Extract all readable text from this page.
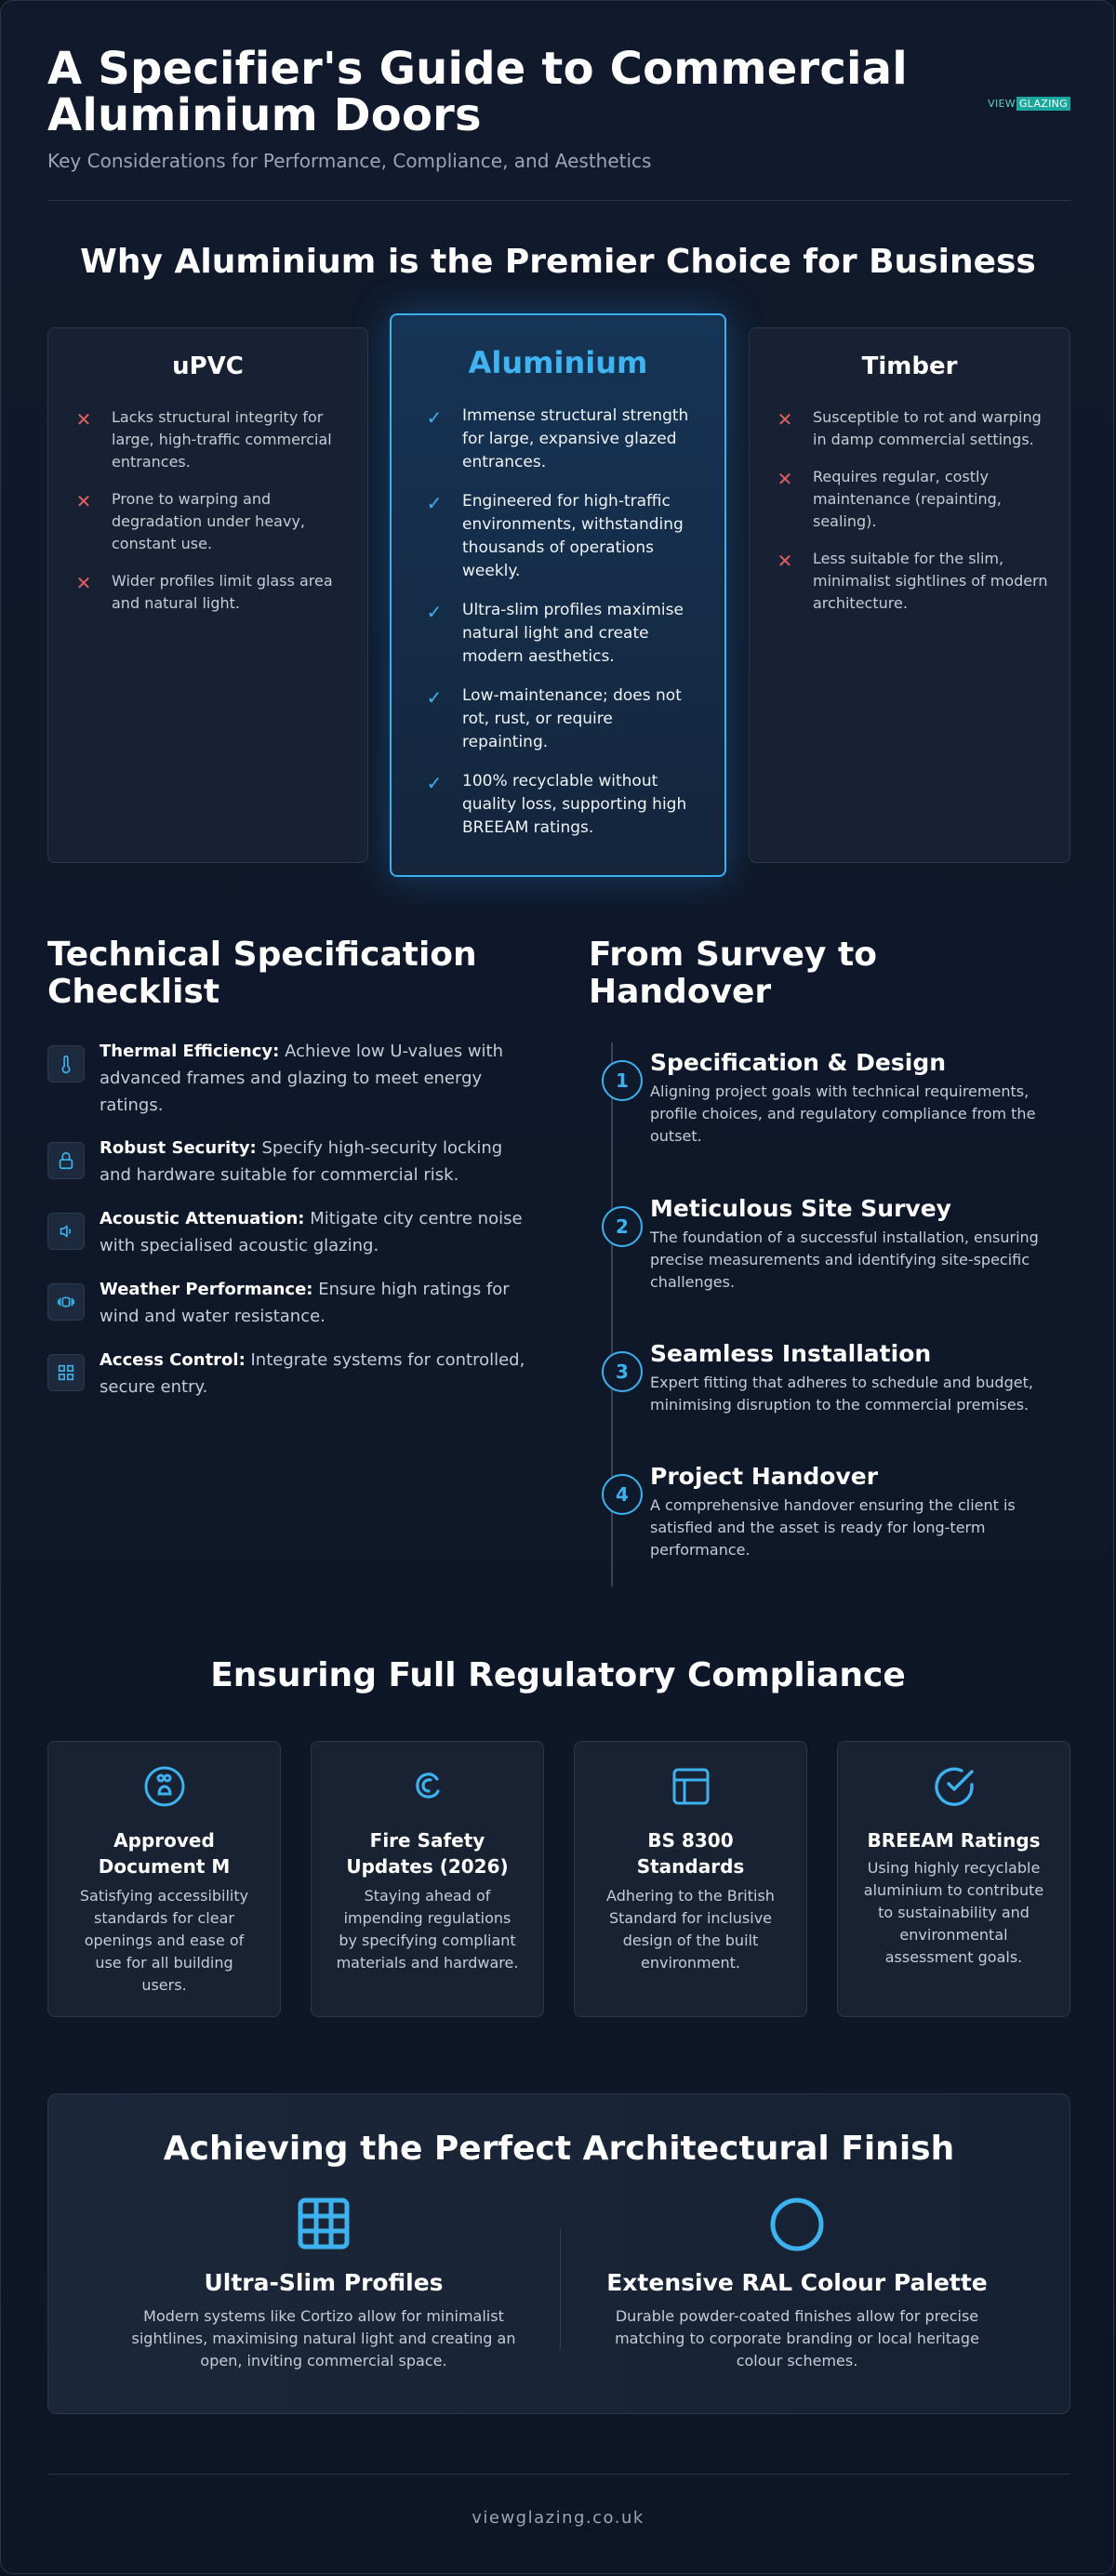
A Specifier's Guide to Commercial Aluminium Doors
Key Considerations for Performance, Compliance, and Aesthetics
VIEW GLAZING
Why Aluminium is the Premier Choice for Business
uPVC
✕ Lacks structural integrity for large, high-traffic commercial entrances.
✕ Prone to warping and degradation under heavy, constant use.
✕ Wider profiles limit glass area and natural light.
Aluminium
✓ Immense structural strength for large, expansive glazed entrances.
✓ Engineered for high-traffic environments, withstanding thousands of operations weekly.
✓ Ultra-slim profiles maximise natural light and create modern aesthetics.
✓ Low-maintenance; does not rot, rust, or require repainting.
✓ 100% recyclable without quality loss, supporting high BREEAM ratings.
Timber
✕ Susceptible to rot and warping in damp commercial settings.
✕ Requires regular, costly maintenance (repainting, sealing).
✕ Less suitable for the slim, minimalist sightlines of modern architecture.
Technical Specification Checklist
Thermal Efficiency: Achieve low U-values with advanced frames and glazing to meet energy ratings.
Robust Security: Specify high-security locking and hardware suitable for commercial risk.
Acoustic Attenuation: Mitigate city centre noise with specialised acoustic glazing.
Weather Performance: Ensure high ratings for wind and water resistance.
Access Control: Integrate systems for controlled, secure entry.
From Survey to Handover
1
Specification & Design
Aligning project goals with technical requirements, profile choices, and regulatory compliance from the outset.
2
Meticulous Site Survey
The foundation of a successful installation, ensuring precise measurements and identifying site-specific challenges.
3
Seamless Installation
Expert fitting that adheres to schedule and budget, minimising disruption to the commercial premises.
4
Project Handover
A comprehensive handover ensuring the client is satisfied and the asset is ready for long-term performance.
Ensuring Full Regulatory Compliance
Approved Document M

Satisfying accessibility standards for clear openings and ease of use for all building users.

Fire Safety Updates (2026)

Staying ahead of impending regulations by specifying compliant materials and hardware.

BS 8300 Standards

Adhering to the British Standard for inclusive design of the built environment.

BREEAM Ratings

Using highly recyclable aluminium to contribute to sustainability and environmental assessment goals.

Achieving the Perfect Architectural Finish
Ultra-Slim Profiles

Modern systems like Cortizo allow for minimalist sightlines, maximising natural light and creating an open, inviting commercial space.

Extensive RAL Colour Palette

Durable powder-coated finishes allow for precise matching to corporate branding or local heritage colour schemes.

viewglazing.co.uk
